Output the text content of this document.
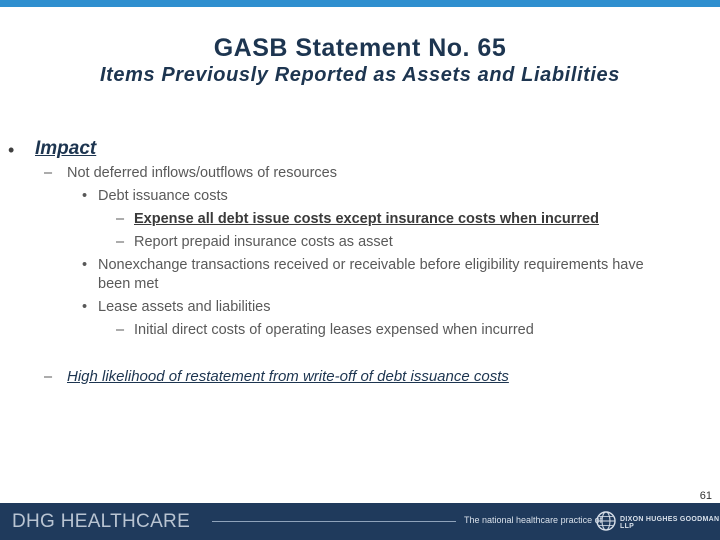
GASB Statement No. 65
Items Previously Reported as Assets and Liabilities
• Impact
– Not deferred inflows/outflows of resources
• Debt issuance costs
– Expense all debt issue costs except insurance costs when incurred
– Report prepaid insurance costs as asset
• Nonexchange transactions received or receivable before eligibility requirements have
been met
• Lease assets and liabilities
– Initial direct costs of operating leases expensed when incurred
– High likelihood of restatement from write-off of debt issuance costs
61
DHG HEALTHCARE	The national healthcare practice of	DIXON HUGHES GOODMAN LLP
